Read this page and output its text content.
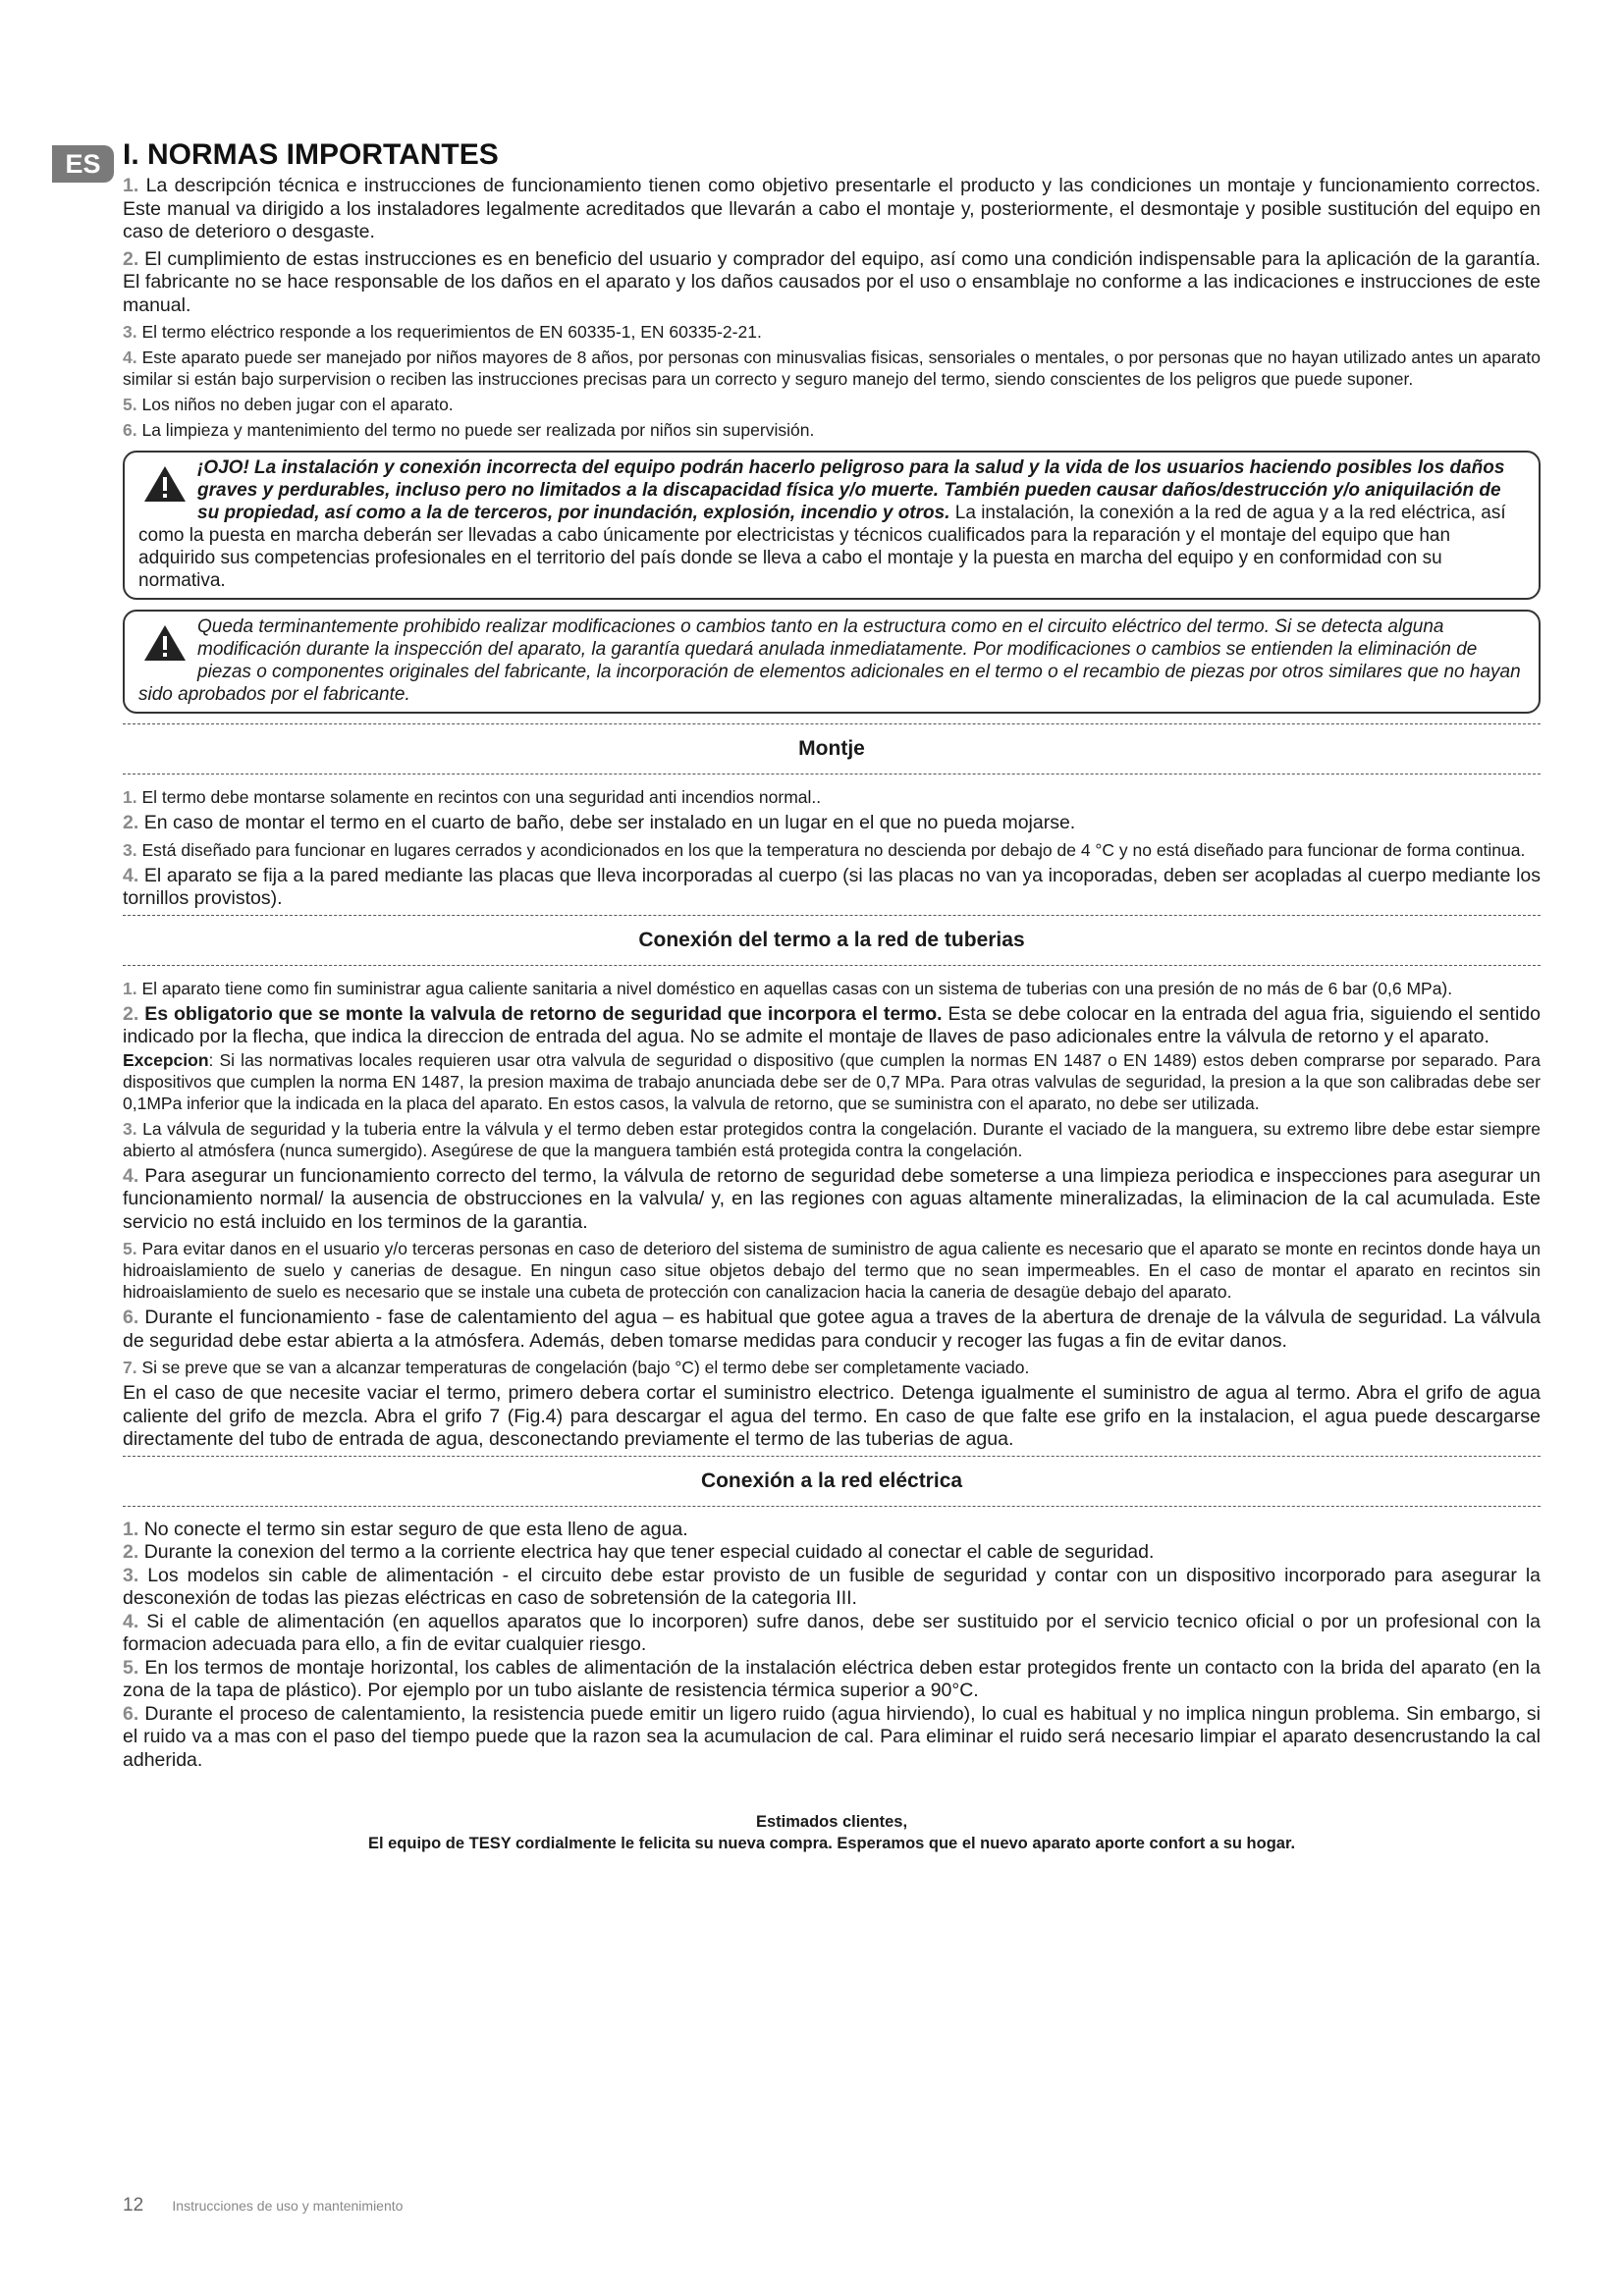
ES I. NORMAS IMPORTANTES

1. La descripción técnica e instrucciones de funcionamiento tienen como objetivo presentarle el producto y las condiciones un montaje y funcionamiento correctos. Este manual va dirigido a los instaladores legalmente acreditados que llevarán a cabo el montaje y, posteriormente, el desmontaje y posible sustitución del equipo en caso de deterioro o desgaste.

2. El cumplimiento de estas instrucciones es en beneficio del usuario y comprador del equipo, así como una condición indispensable para la aplicación de la garantía. El fabricante no se hace responsable de los daños en el aparato y los daños causados por el uso o ensamblaje no conforme a las indicaciones e instrucciones de este manual.

3. El termo eléctrico responde a los requerimientos de EN 60335-1, EN 60335-2-21.

4. Este aparato puede ser manejado por niños mayores de 8 años, por personas con minusvalias fisicas, sensoriales o mentales, o por personas que no hayan utilizado antes un aparato similar si están bajo surpervision o reciben las instrucciones precisas para un correcto y seguro manejo del termo, siendo conscientes de los peligros que puede suponer.

5. Los niños no deben jugar con el aparato.

6. La limpieza y mantenimiento del termo no puede ser realizada por niños sin supervisión.

¡OJO! La instalación y conexión incorrecta del equipo podrán hacerlo peligroso para la salud y la vida de los usuarios haciendo posibles los daños graves y perdurables, incluso pero no limitados a la discapacidad física y/o muerte. También pueden causar daños/destrucción y/o aniquilación de su propiedad, así como a la de terceros, por inundación, explosión, incendio y otros. La instalación, la conexión a la red de agua y a la red eléctrica, así como la puesta en marcha deberán ser llevadas a cabo únicamente por electricistas y técnicos cualificados para la reparación y el montaje del equipo que han adquirido sus competencias profesionales en el territorio del país donde se lleva a cabo el montaje y la puesta en marcha del equipo y en conformidad con su normativa.
Queda terminantemente prohibido realizar modificaciones o cambios tanto en la estructura como en el circuito eléctrico del termo. Si se detecta alguna modificación durante la inspección del aparato, la garantía quedará anulada inmediatamente. Por modificaciones o cambios se entienden la eliminación de piezas o componentes originales del fabricante, la incorporación de elementos adicionales en el termo o el recambio de piezas por otros similares que no hayan sido aprobados por el fabricante.

Montje

1. El termo debe montarse solamente en recintos con una seguridad anti incendios normal..

2. En caso de montar el termo en el cuarto de baño, debe ser instalado en un lugar en el que no pueda mojarse.

3. Está diseñado para funcionar en lugares cerrados y acondicionados en los que la temperatura no descienda por debajo de 4 °C y no está diseñado para funcionar de forma continua.

4. El aparato se fija a la pared mediante las placas que lleva incorporadas al cuerpo (si las placas no van ya incoporadas, deben ser acopladas al cuerpo mediante los tornillos provistos).

Conexión del termo a la red de tuberias

1. El aparato tiene como fin suministrar agua caliente sanitaria a nivel doméstico en aquellas casas con un sistema de tuberias con una presión de no más de 6 bar (0,6 MPa).

2. Es obligatorio que se monte la valvula de retorno de seguridad que incorpora el termo. Esta se debe colocar en la entrada del agua fria, siguiendo el sentido indicado por la flecha, que indica la direccion de entrada del agua. No se admite el montaje de llaves de paso adicionales entre la válvula de retorno y el aparato.

Excepcion: Si las normativas locales requieren usar otra valvula de seguridad o dispositivo (que cumplen la normas EN 1487 o EN 1489) estos deben comprarse por separado. Para dispositivos que cumplen la norma EN 1487, la presion maxima de trabajo anunciada debe ser de 0,7 MPa. Para otras valvulas de seguridad, la presion a la que son calibradas debe ser 0,1MPa inferior que la indicada en la placa del aparato. En estos casos, la valvula de retorno, que se suministra con el aparato, no debe ser utilizada.

3. La válvula de seguridad y la tuberia entre la válvula y el termo deben estar protegidos contra la congelación. Durante el vaciado de la manguera, su extremo libre debe estar siempre abierto al atmósfera (nunca sumergido). Asegúrese de que la manguera también está protegida contra la congelación.

4. Para asegurar un funcionamiento correcto del termo, la válvula de retorno de seguridad debe someterse a una limpieza periodica e inspecciones para asegurar un funcionamiento normal/ la ausencia de obstrucciones en la valvula/ y, en las regiones con aguas altamente mineralizadas, la eliminacion de la cal acumulada. Este servicio no está incluido en los terminos de la garantia.

5. Para evitar danos en el usuario y/o terceras personas en caso de deterioro del sistema de suministro de agua caliente es necesario que el aparato se monte en recintos donde haya un hidroaislamiento de suelo y canerias de desague. En ningun caso situe objetos debajo del termo que no sean impermeables. En el caso de montar el aparato en recintos sin hidroaislamiento de suelo es necesario que se instale una cubeta de protección con canalizacion hacia la caneria de desagüe debajo del aparato.

6. Durante el funcionamiento - fase de calentamiento del agua – es habitual que gotee agua a traves de la abertura de drenaje de la válvula de seguridad. La válvula de seguridad debe estar abierta a la atmósfera. Además, deben tomarse medidas para conducir y recoger las fugas a fin de evitar danos.

7. Si se preve que se van a alcanzar temperaturas de congelación (bajo °C) el termo debe ser completamente vaciado.

En el caso de que necesite vaciar el termo, primero debera cortar el suministro electrico. Detenga igualmente el suministro de agua al termo. Abra el grifo de agua caliente del grifo de mezcla. Abra el grifo 7 (Fig.4) para descargar el agua del termo. En caso de que falte ese grifo en la instalacion, el agua puede descargarse directamente del tubo de entrada de agua, desconectando previamente el termo de las tuberias de agua.

Conexión a la red eléctrica

1. No conecte el termo sin estar seguro de que esta lleno de agua.

2. Durante la conexion del termo a la corriente electrica hay que tener especial cuidado al conectar el cable de seguridad.

3. Los modelos sin cable de alimentación - el circuito debe estar provisto de un fusible de seguridad y contar con un dispositivo incorporado para asegurar la desconexión de todas las piezas eléctricas en caso de sobretensión de la categoria III.

4. Si el cable de alimentación (en aquellos aparatos que lo incorporen) sufre danos, debe ser sustituido por el servicio tecnico oficial o por un profesional con la formacion adecuada para ello, a fin de evitar cualquier riesgo.

5. En los termos de montaje horizontal, los cables de alimentación de la instalación eléctrica deben estar protegidos frente un contacto con la brida del aparato (en la zona de la tapa de plástico). Por ejemplo por un tubo aislante de resistencia térmica superior a 90°C.

6. Durante el proceso de calentamiento, la resistencia puede emitir un ligero ruido (agua hirviendo), lo cual es habitual y no implica ningun problema. Sin embargo, si el ruido va a mas con el paso del tiempo puede que la razon sea la acumulacion de cal. Para eliminar el ruido será necesario limpiar el aparato desencrustando la cal adherida.

Estimados clientes,
El equipo de TESY cordialmente le felicita su nueva compra. Esperamos que el nuevo aparato aporte confort a su hogar.
12 Instrucciones de uso y mantenimiento
